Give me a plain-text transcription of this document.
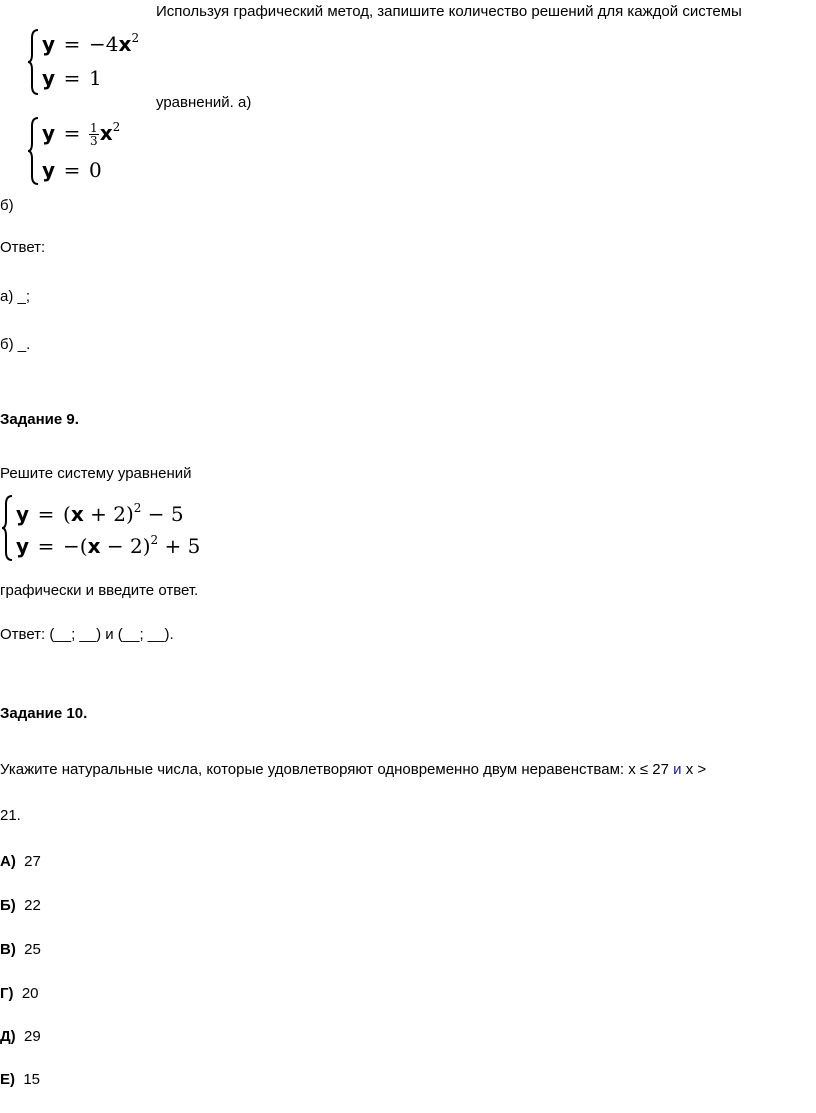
Используя графический метод, запишите количество решений для каждой системы
$y = -4x^2$
y = 1
уравнений. а)
$y = \frac{1}{3} x^2$
y = 0
б)
Ответ:
а) _;
б) _.
Задание 9.
Решите систему уравнений
$y = (x + 2)^2 - 5$
$y = -(x - 2)^2 + 5$
графически и введите ответ.
Ответ: (__; __) и (__; __).
Задание 10.
Укажите натуральные числа, которые удовлетворяют одновременно двум неравенствам: x ≤ 27 и x >
21.
А) 27
Б) 22
В) 25
Г) 20
Д) 29
Е) 15
